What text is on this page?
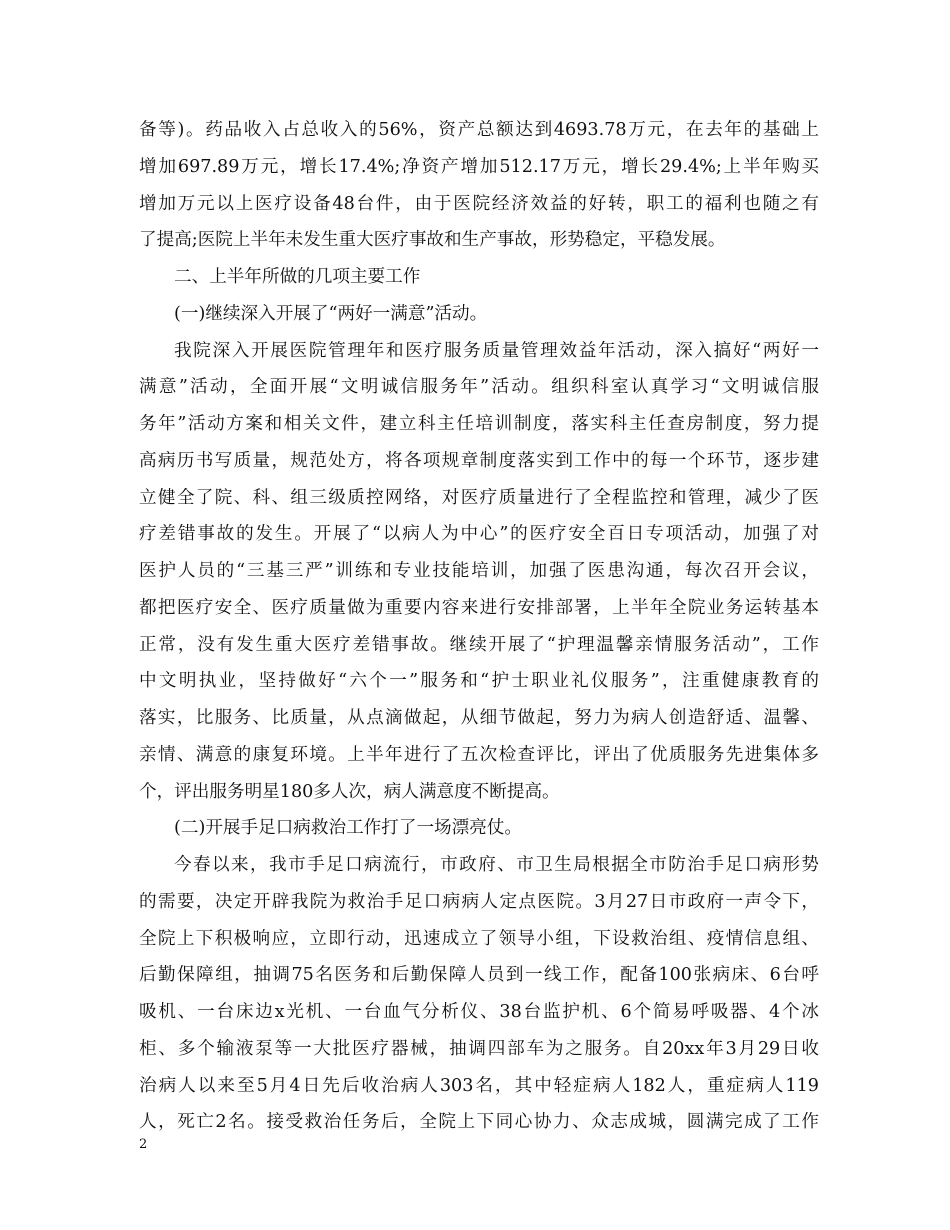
备等)。药品收入占总收入的56%，资产总额达到4693.78万元，在去年的基础上
增加697.89万元，增长17.4%;净资产增加512.17万元，增长29.4%;上半年购买
增加万元以上医疗设备48台件，由于医院经济效益的好转，职工的福利也随之有
了提高;医院上半年未发生重大医疗事故和生产事故，形势稳定，平稳发展。
二、上半年所做的几项主要工作
(一)继续深入开展了“两好一满意”活动。
我院深入开展医院管理年和医疗服务质量管理效益年活动，深入搞好“两好一
满意”活动，全面开展“文明诚信服务年”活动。组织科室认真学习“文明诚信服
务年”活动方案和相关文件，建立科主任培训制度，落实科主任查房制度，努力提
高病历书写质量，规范处方，将各项规章制度落实到工作中的每一个环节，逐步建
立健全了院、科、组三级质控网络，对医疗质量进行了全程监控和管理，减少了医
疗差错事故的发生。开展了“以病人为中心”的医疗安全百日专项活动，加强了对
医护人员的“三基三严”训练和专业技能培训，加强了医患沟通，每次召开会议，
都把医疗安全、医疗质量做为重要内容来进行安排部署，上半年全院业务运转基本
正常，没有发生重大医疗差错事故。继续开展了“护理温馨亲情服务活动”，工作
中文明执业，坚持做好“六个一”服务和“护士职业礼仪服务”，注重健康教育的
落实，比服务、比质量，从点滴做起，从细节做起，努力为病人创造舒适、温馨、
亲情、满意的康复环境。上半年进行了五次检查评比，评出了优质服务先进集体多
个，评出服务明星180多人次，病人满意度不断提高。
(二)开展手足口病救治工作打了一场漂亮仗。
今春以来，我市手足口病流行，市政府、市卫生局根据全市防治手足口病形势
的需要，决定开辟我院为救治手足口病病人定点医院。3月27日市政府一声令下，
全院上下积极响应，立即行动，迅速成立了领导小组，下设救治组、疫情信息组、
后勤保障组，抽调75名医务和后勤保障人员到一线工作，配备100张病床、6台呼
吸机、一台床边x光机、一台血气分析仪、38台监护机、6个简易呼吸器、4个冰
柜、多个输液泵等一大批医疗器械，抽调四部车为之服务。自20xx年3月29日收
治病人以来至5月4日先后收治病人303名，其中轻症病人182人，重症病人119
人，死亡2名。接受救治任务后，全院上下同心协力、众志成城，圆满完成了工作
2
